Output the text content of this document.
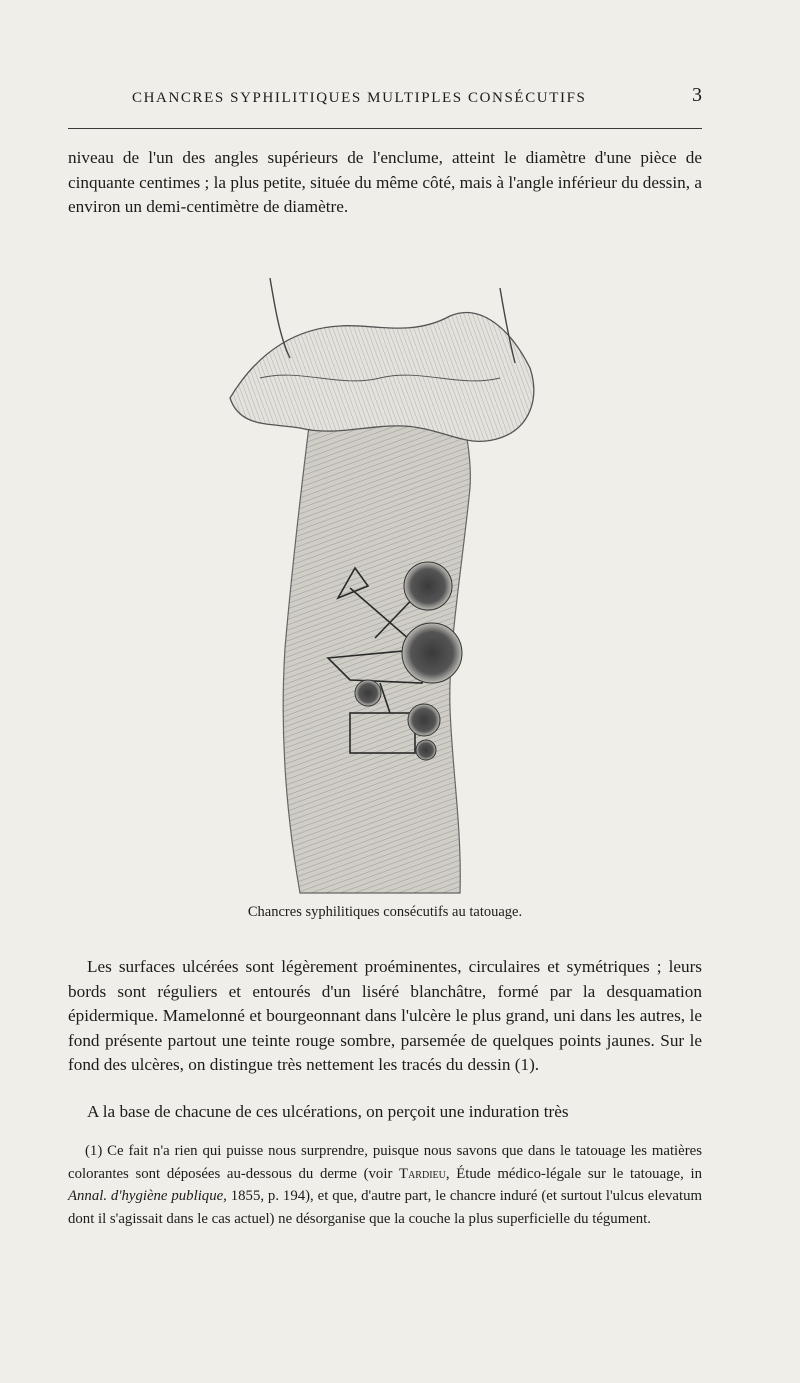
CHANCRES SYPHILITIQUES MULTIPLES CONSÉCUTIFS	3

niveau de l'un des angles supérieurs de l'enclume, atteint le diamètre d'une pièce de cinquante centimes ; la plus petite, située du même côté, mais à l'angle inférieur du dessin, a environ un demi-centimètre de diamètre.

Chancres syphilitiques consécutifs au tatouage.

Les surfaces ulcérées sont légèrement proéminentes, circulaires et symétriques ; leurs bords sont réguliers et entourés d'un liséré blanchâtre, formé par la desquamation épidermique. Mamelonné et bourgeonnant dans l'ulcère le plus grand, uni dans les autres, le fond présente partout une teinte rouge sombre, parsemée de quelques points jaunes. Sur le fond des ulcères, on distingue très nettement les tracés du dessin (1).

A la base de chacune de ces ulcérations, on perçoit une induration très

(1) Ce fait n'a rien qui puisse nous surprendre, puisque nous savons que dans le tatouage les matières colorantes sont déposées au-dessous du derme (voir Tardieu, Étude médico-légale sur le tatouage, in Annal. d'hygiène publique, 1855, p. 194), et que, d'autre part, le chancre induré (et surtout l'ulcus elevatum dont il s'agissait dans le cas actuel) ne désorganise que la couche la plus superficielle du tégument.
